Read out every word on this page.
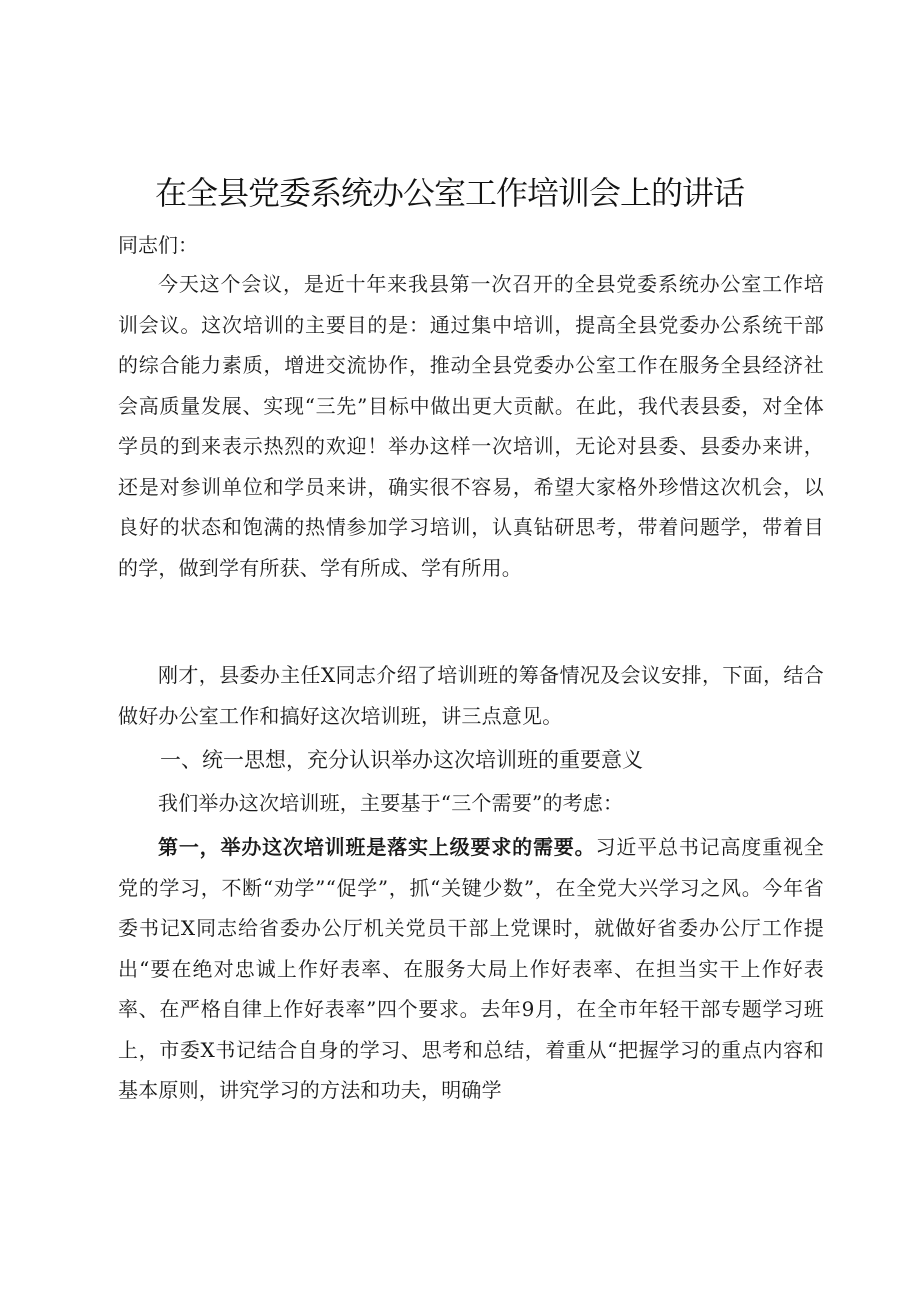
在全县党委系统办公室工作培训会上的讲话

同志们：

今天这个会议，是近十年来我县第一次召开的全县党委系统办公室工作培训会议。这次培训的主要目的是：通过集中培训，提高全县党委办公系统干部的综合能力素质，增进交流协作，推动全县党委办公室工作在服务全县经济社会高质量发展、实现“三先”目标中做出更大贡献。在此，我代表县委，对全体学员的到来表示热烈的欢迎！举办这样一次培训，无论对县委、县委办来讲，还是对参训单位和学员来讲，确实很不容易，希望大家格外珍惜这次机会，以良好的状态和饱满的热情参加学习培训，认真钻研思考，带着问题学，带着目的学，做到学有所获、学有所成、学有所用。

刚才，县委办主任X同志介绍了培训班的筹备情况及会议安排，下面，结合做好办公室工作和搞好这次培训班，讲三点意见。

一、统一思想，充分认识举办这次培训班的重要意义

我们举办这次培训班，主要基于“三个需要”的考虑：

第一，举办这次培训班是落实上级要求的需要。习近平总书记高度重视全党的学习，不断“劝学”“促学”，抓“关键少数”，在全党大兴学习之风。今年省委书记X同志给省委办公厅机关党员干部上党课时，就做好省委办公厅工作提出“要在绝对忠诚上作好表率、在服务大局上作好表率、在担当实干上作好表率、在严格自律上作好表率”四个要求。去年9月，在全市年轻干部专题学习班上，市委X书记结合自身的学习、思考和总结，着重从“把握学习的重点内容和基本原则，讲究学习的方法和功夫，明确学
